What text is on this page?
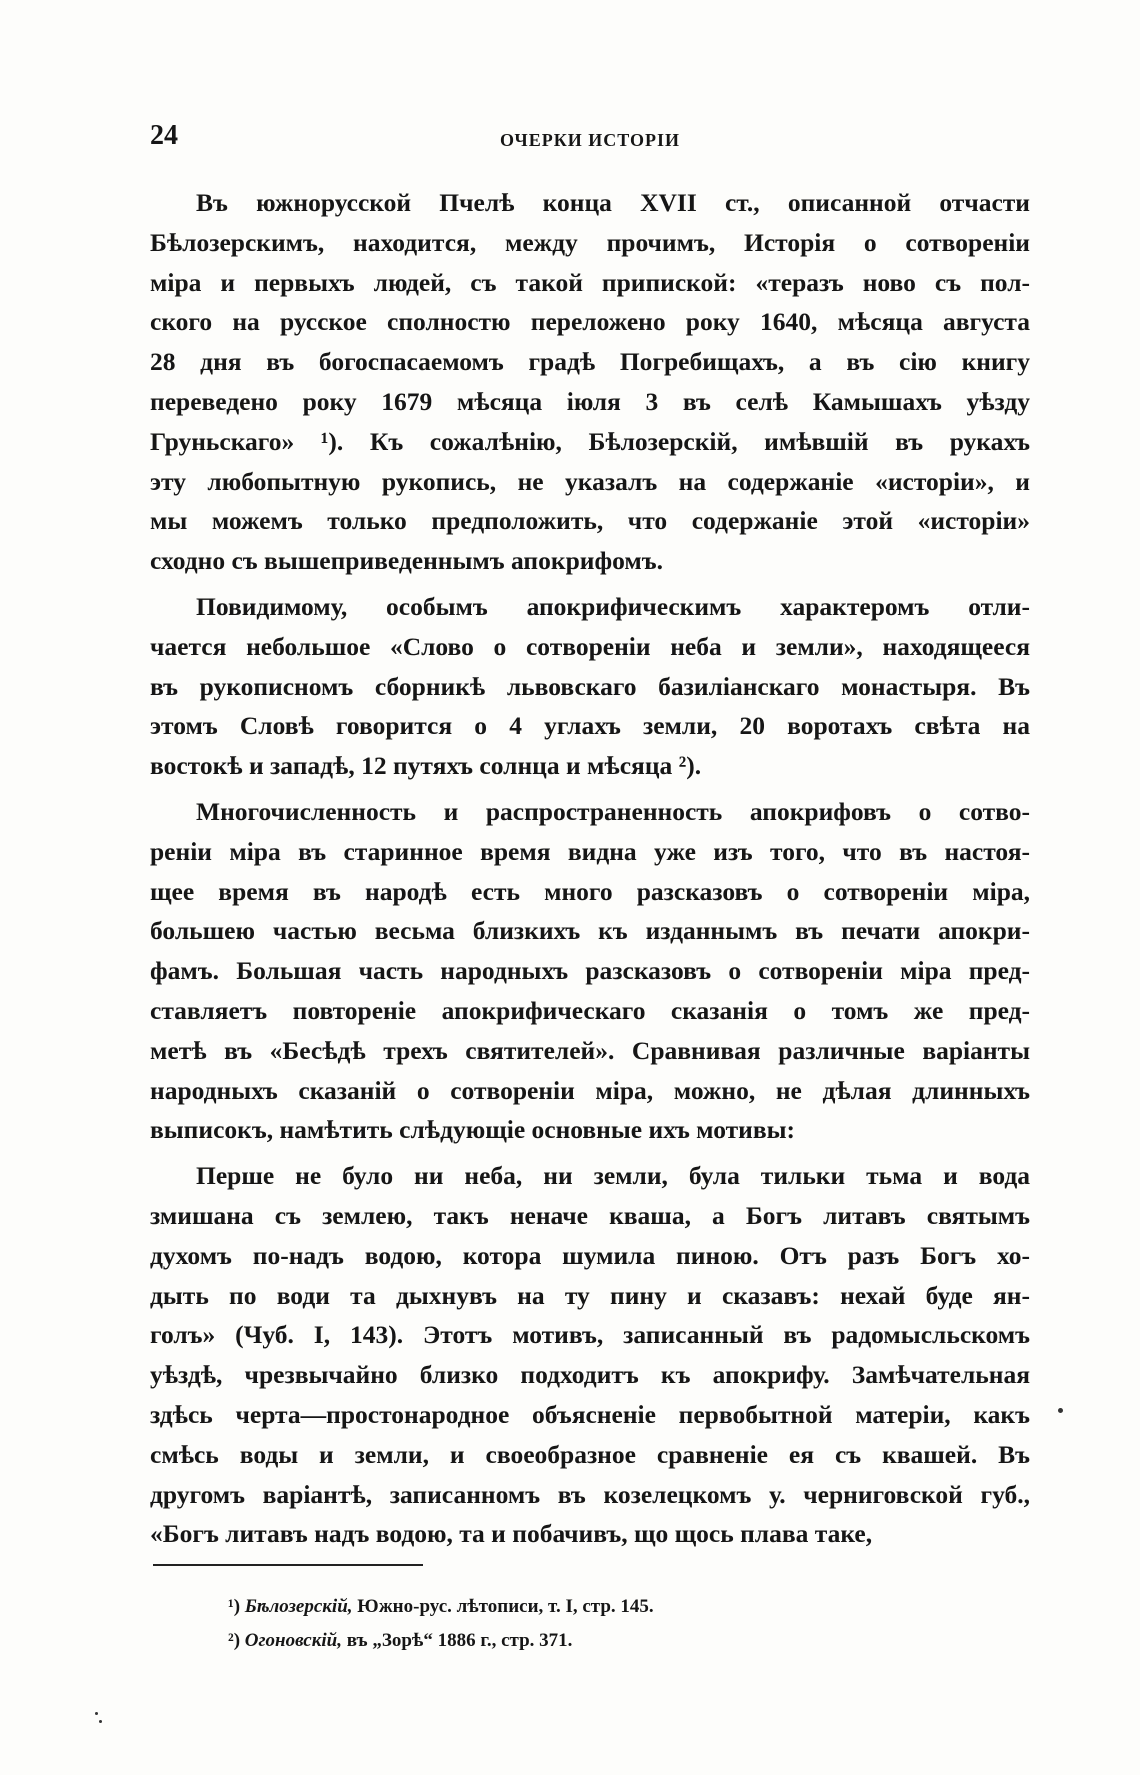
24	ОЧЕРКИ ИСТОРІИ
Въ южнорусской Пчелѣ конца XVII ст., описанной отчасти
Бѣлозерскимъ, находится, между прочимъ, Исторія о сотвореніи
міра и первыхъ людей, съ такой припиской: «теразъ ново съ пол-
ского на русское сполностю переложено року 1640, мѣсяца августа
28 дня въ богоспасаемомъ градѣ Погребищахъ, а въ сію книгу
переведено року 1679 мѣсяца іюля 3 въ селѣ Камышахъ уѣзду
Груньскаго» ¹). Къ сожалѣнію, Бѣлозерскій, имѣвшій въ рукахъ
эту любопытную рукопись, не указалъ на содержаніе «исторіи», и
мы можемъ только предположить, что содержаніе этой «исторіи»
сходно съ вышеприведеннымъ апокрифомъ.
Повидимому, особымъ апокрифическимъ характеромъ отли-
чается небольшое «Слово о сотвореніи неба и земли», находящееся
въ рукописномъ сборникѣ львовскаго базиліанскаго монастыря. Въ
этомъ Словѣ говорится о 4 углахъ земли, 20 воротахъ свѣта на
востокѣ и западѣ, 12 путяхъ солнца и мѣсяца ²).
Многочисленность и распространенность апокрифовъ о сотво-
реніи міра въ старинное время видна уже изъ того, что въ настоя-
щее время въ народѣ есть много разсказовъ о сотвореніи міра,
большею частью весьма близкихъ къ изданнымъ въ печати апокри-
фамъ. Большая часть народныхъ разсказовъ о сотвореніи міра пред-
ставляетъ повтореніе апокрифическаго сказанія о томъ же пред-
метѣ въ «Бесѣдѣ трехъ святителей». Сравнивая различные варіанты
народныхъ сказаній о сотвореніи міра, можно, не дѣлая длинныхъ
выписокъ, намѣтить слѣдующіе основные ихъ мотивы:
Перше не було ни неба, ни земли, була тильки тьма и вода
змишана съ землею, такъ неначе кваша, а Богъ литавъ святымъ
духомъ по-надъ водою, котора шумила пиною. Отъ разъ Богъ хо-
дыть по води та дыхнувъ на ту пину и сказавъ: нехай буде ян-
голъ» (Чуб. I, 143). Этотъ мотивъ, записанный въ радомысльскомъ
уѣздѣ, чрезвычайно близко подходитъ къ апокрифу. Замѣчательная
здѣсь черта—простонародное объясненіе первобытной матеріи, какъ
смѣсь воды и земли, и своеобразное сравненіе ея съ квашей. Въ
другомъ варіантѣ, записанномъ въ козелецкомъ у. черниговской губ.,
«Богъ литавъ надъ водою, та и побачивъ, що щось плава таке,
¹) Бѣлозерскій, Южно-рус. лѣтописи, т. I, стр. 145.
²) Огоновскій, въ „Зорѣ“ 1886 г., стр. 371.
